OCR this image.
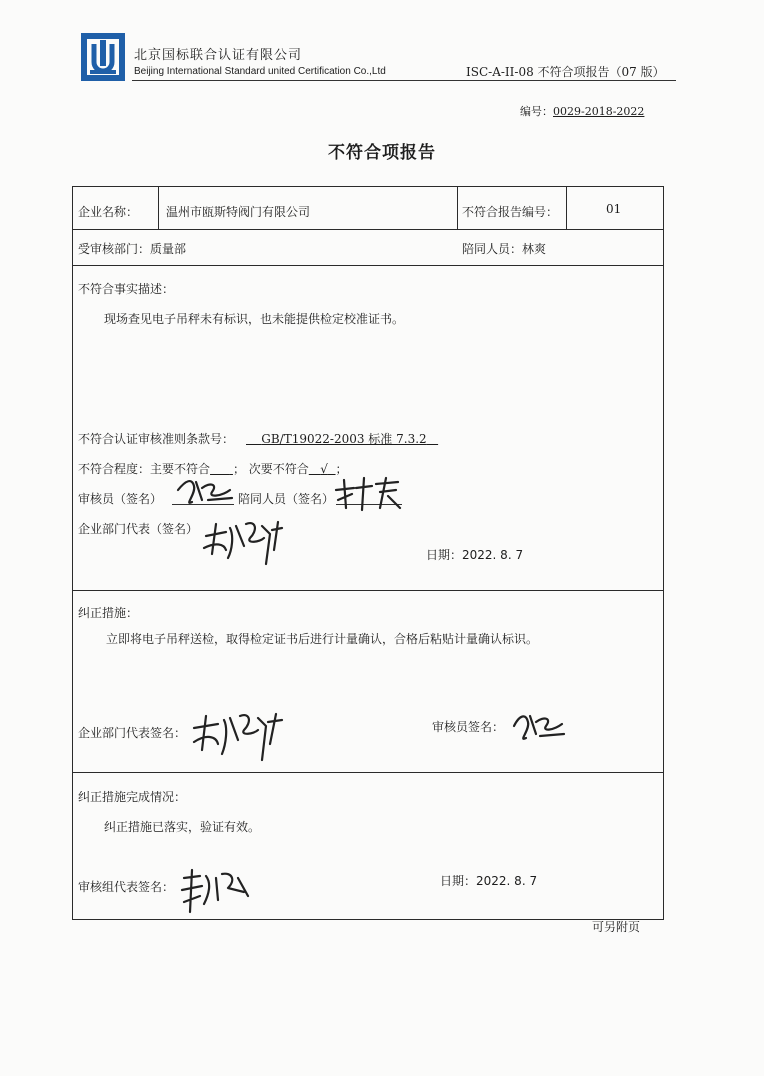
北京国标联合认证有限公司
Beijing International Standard united Certification Co.,Ltd	ISC-A-II-08 不符合项报告（07 版）
编号：0029-2018-2022
不符合项报告
企业名称： 温州市瓯斯特阀门有限公司	不符合报告编号：	01
受审核部门： 质量部	陪同人员： 林爽
不符合事实描述：
现场查见电子吊秤未有标识，也未能提供检定校准证书。
不符合认证审核准则条款号：	GB/T19022-2003 标准 7.3.2
不符合程度：主要不符合 ； 次要不符合 √ ；
审核员（签名）	陪同人员（签名）
企业部门代表（签名）
日期：2022. 8. 7
纠正措施：
立即将电子吊秤送检，取得检定证书后进行计量确认，合格后粘贴计量确认标识。
企业部门代表签名：	审核员签名：
纠正措施完成情况：
纠正措施已落实，验证有效。
审核组代表签名：	日期：2022. 8. 7
可另附页
